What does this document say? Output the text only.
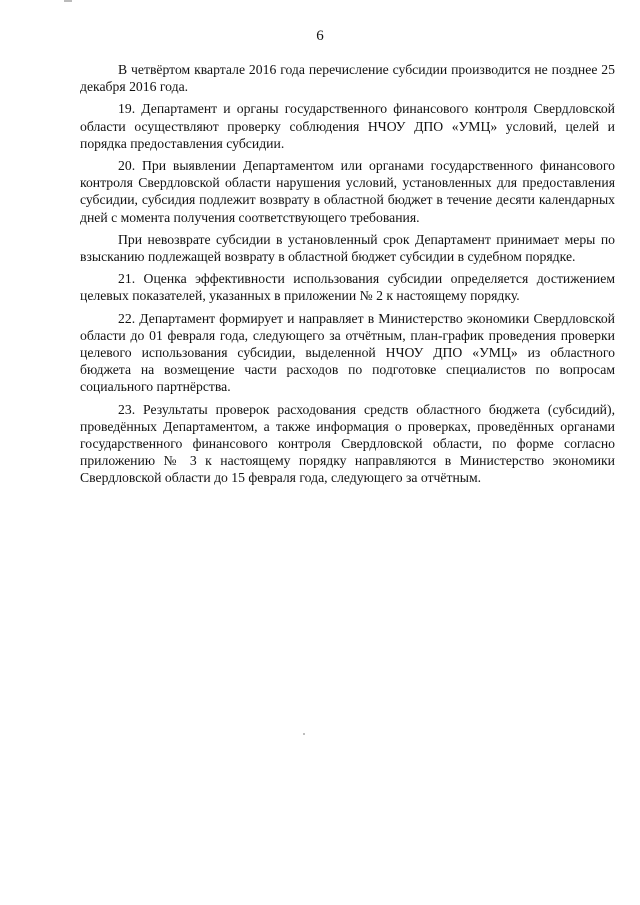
6

В четвёртом квартале 2016 года перечисление субсидии производится не позднее 25 декабря 2016 года.

19. Департамент и органы государственного финансового контроля Свердловской области осуществляют проверку соблюдения НЧОУ ДПО «УМЦ» условий, целей и порядка предоставления субсидии.

20. При выявлении Департаментом или органами государственного финансового контроля Свердловской области нарушения условий, установленных для предоставления субсидии, субсидия подлежит возврату в областной бюджет в течение десяти календарных дней с момента получения соответствующего требования.

При невозврате субсидии в установленный срок Департамент принимает меры по взысканию подлежащей возврату в областной бюджет субсидии в судебном порядке.

21. Оценка эффективности использования субсидии определяется достижением целевых показателей, указанных в приложении № 2 к настоящему порядку.

22. Департамент формирует и направляет в Министерство экономики Свердловской области до 01 февраля года, следующего за отчётным, план-график проведения проверки целевого использования субсидии, выделенной НЧОУ ДПО «УМЦ» из областного бюджета на возмещение части расходов по подготовке специалистов по вопросам социального партнёрства.

23. Результаты проверок расходования средств областного бюджета (субсидий), проведённых Департаментом, а также информация о проверках, проведённых органами государственного финансового контроля Свердловской области, по форме согласно приложению № 3 к настоящему порядку направляются в Министерство экономики Свердловской области до 15 февраля года, следующего за отчётным.
